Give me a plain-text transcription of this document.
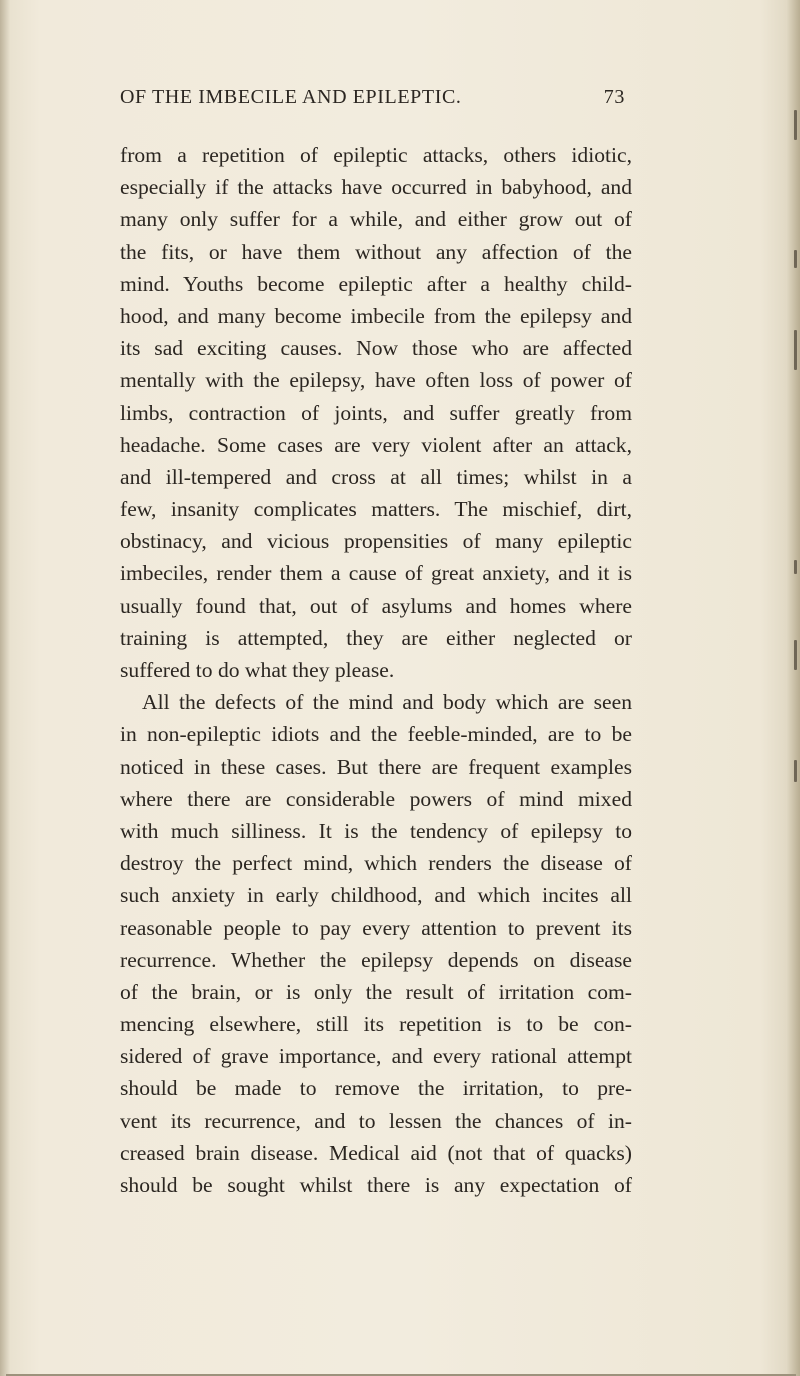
OF THE IMBECILE AND EPILEPTIC.	73
from a repetition of epileptic attacks, others idiotic,
especially if the attacks have occurred in babyhood, and
many only suffer for a while, and either grow out of
the fits, or have them without any affection of the
mind. Youths become epileptic after a healthy child-
hood, and many become imbecile from the epilepsy and
its sad exciting causes. Now those who are affected
mentally with the epilepsy, have often loss of power of
limbs, contraction of joints, and suffer greatly from
headache. Some cases are very violent after an attack,
and ill-tempered and cross at all times; whilst in a
few, insanity complicates matters. The mischief, dirt,
obstinacy, and vicious propensities of many epileptic
imbeciles, render them a cause of great anxiety, and it is
usually found that, out of asylums and homes where
training is attempted, they are either neglected or
suffered to do what they please.
All the defects of the mind and body which are seen
in non-epileptic idiots and the feeble-minded, are to be
noticed in these cases. But there are frequent examples
where there are considerable powers of mind mixed
with much silliness. It is the tendency of epilepsy to
destroy the perfect mind, which renders the disease of
such anxiety in early childhood, and which incites all
reasonable people to pay every attention to prevent its
recurrence. Whether the epilepsy depends on disease
of the brain, or is only the result of irritation com-
mencing elsewhere, still its repetition is to be con-
sidered of grave importance, and every rational attempt
should be made to remove the irritation, to pre-
vent its recurrence, and to lessen the chances of in-
creased brain disease. Medical aid (not that of quacks)
should be sought whilst there is any expectation of
